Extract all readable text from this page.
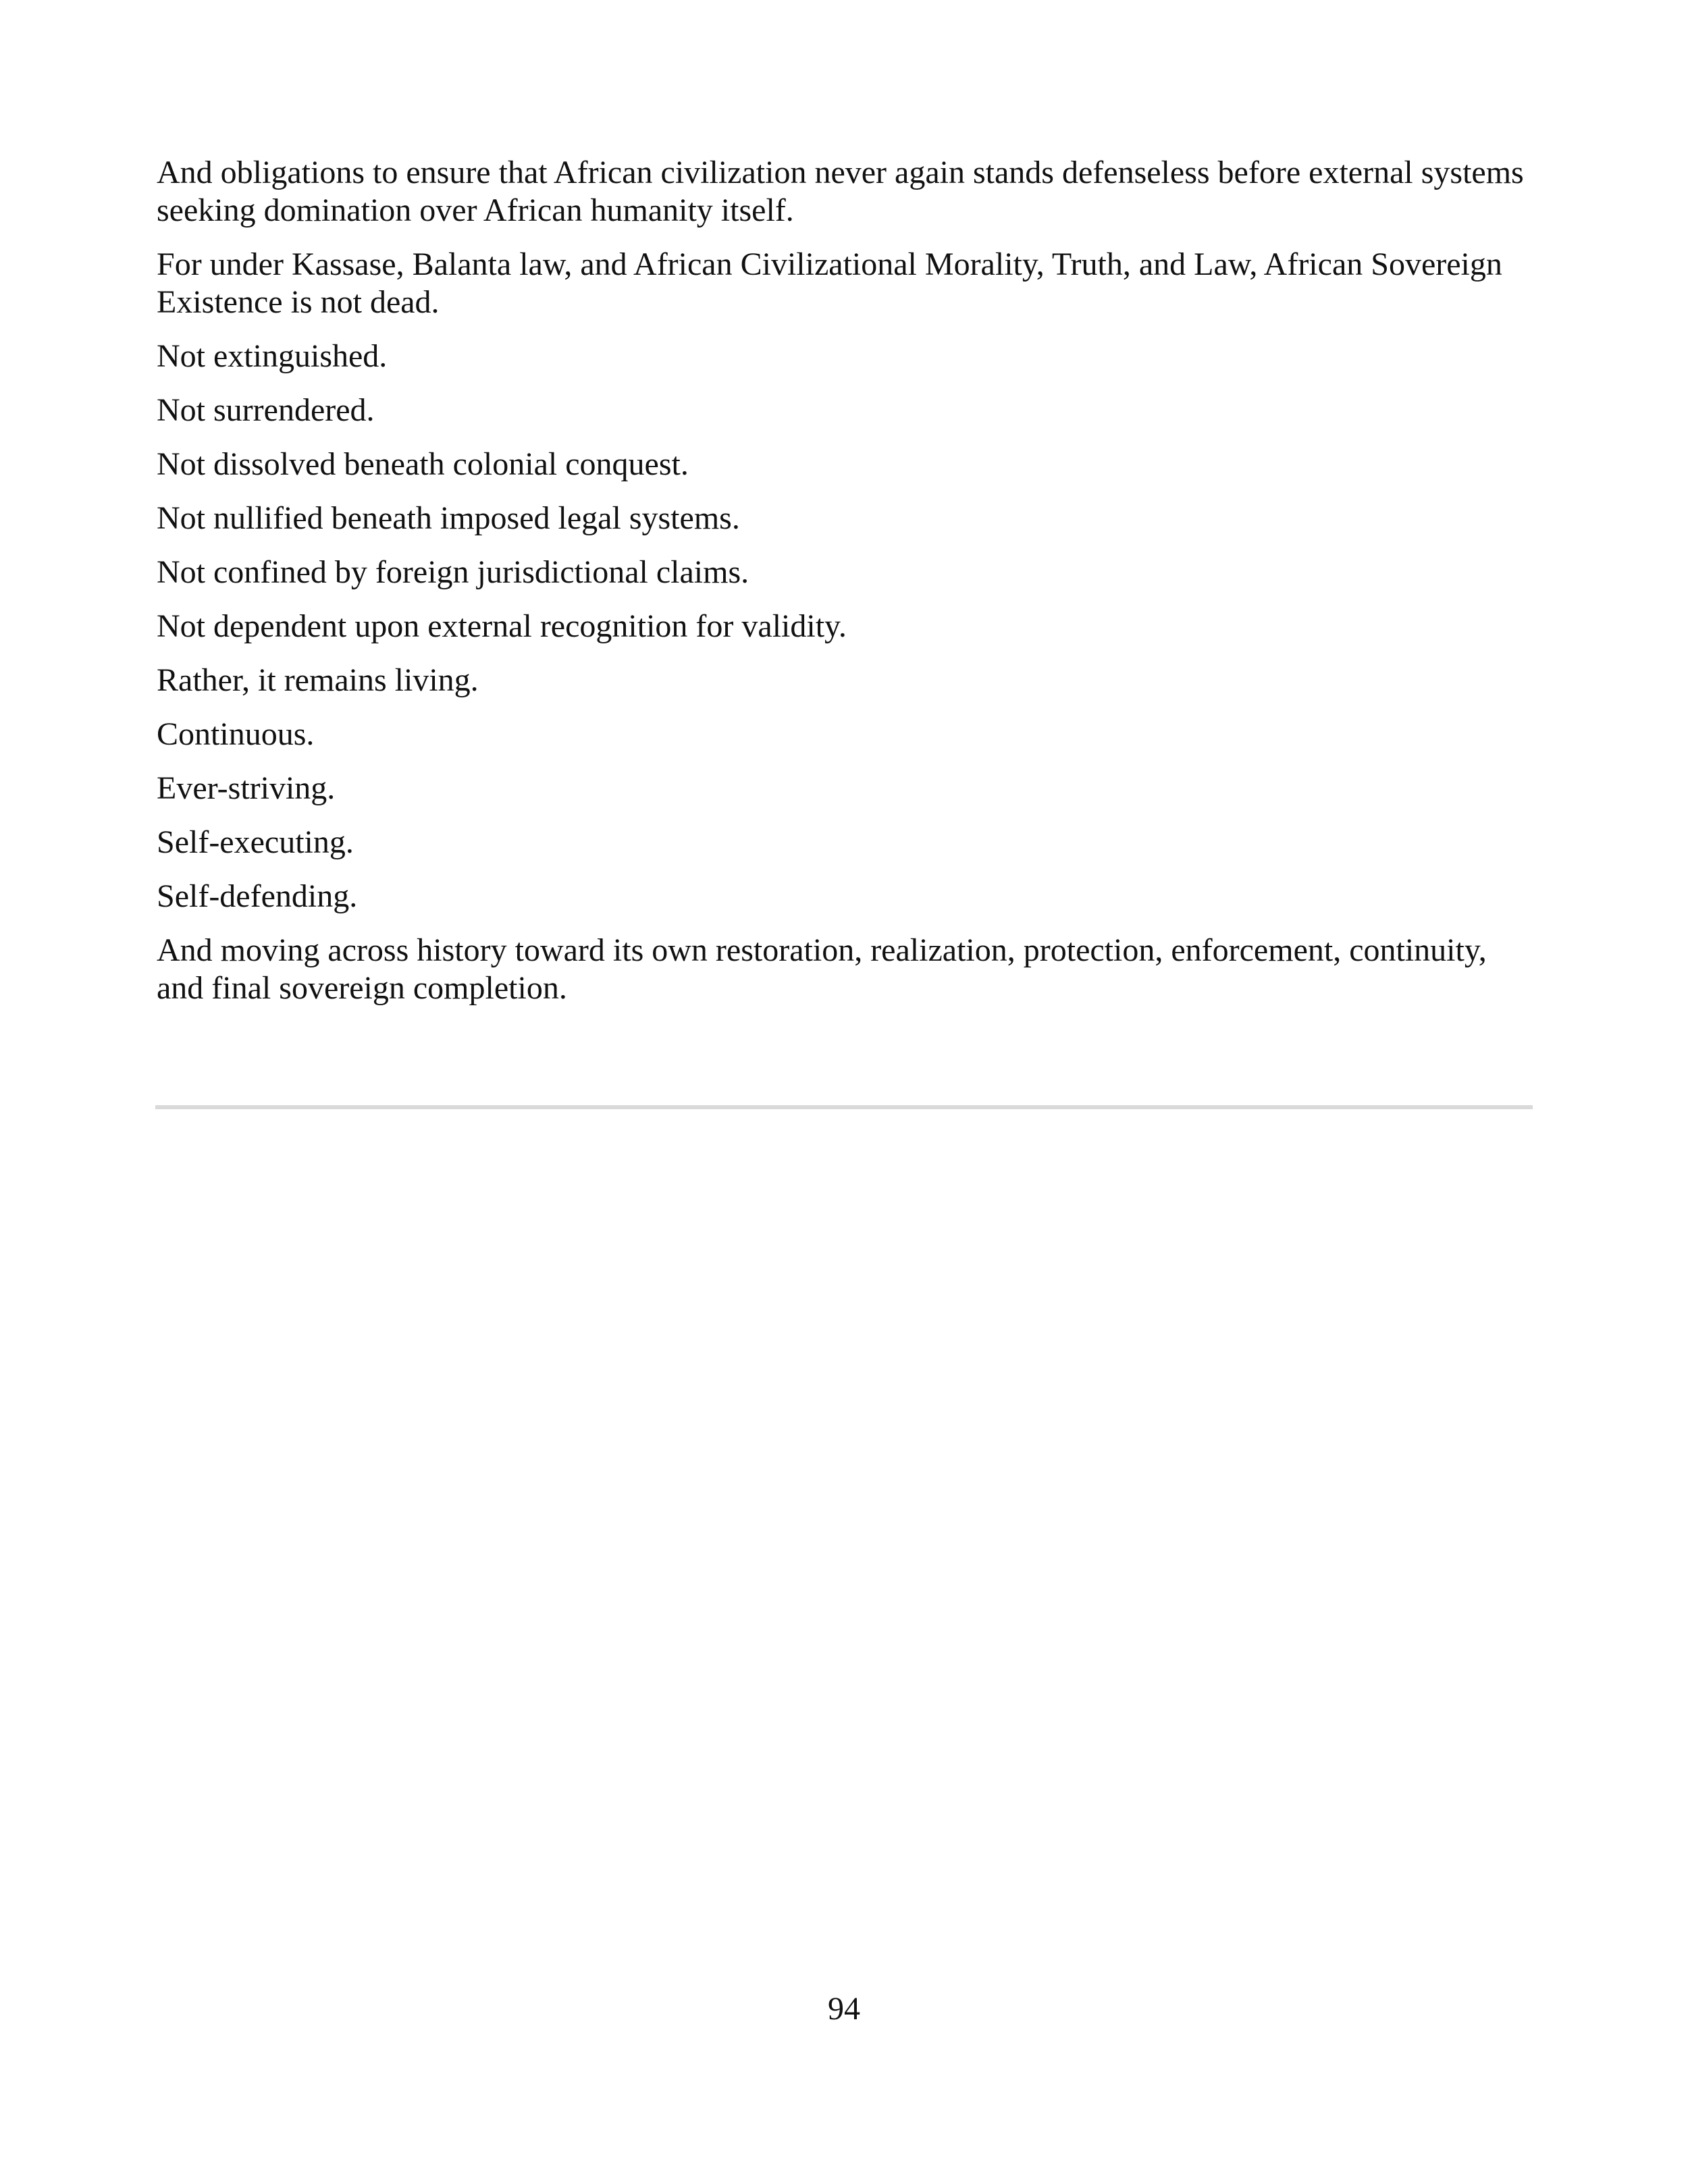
And obligations to ensure that African civilization never again stands defenseless before external systems seeking domination over African humanity itself.

For under Kassase, Balanta law, and African Civilizational Morality, Truth, and Law, African Sovereign Existence is not dead.

Not extinguished.

Not surrendered.

Not dissolved beneath colonial conquest.

Not nullified beneath imposed legal systems.

Not confined by foreign jurisdictional claims.

Not dependent upon external recognition for validity.

Rather, it remains living.

Continuous.

Ever-striving.

Self-executing.

Self-defending.

And moving across history toward its own restoration, realization, protection, enforcement, continuity, and final sovereign completion.

94
